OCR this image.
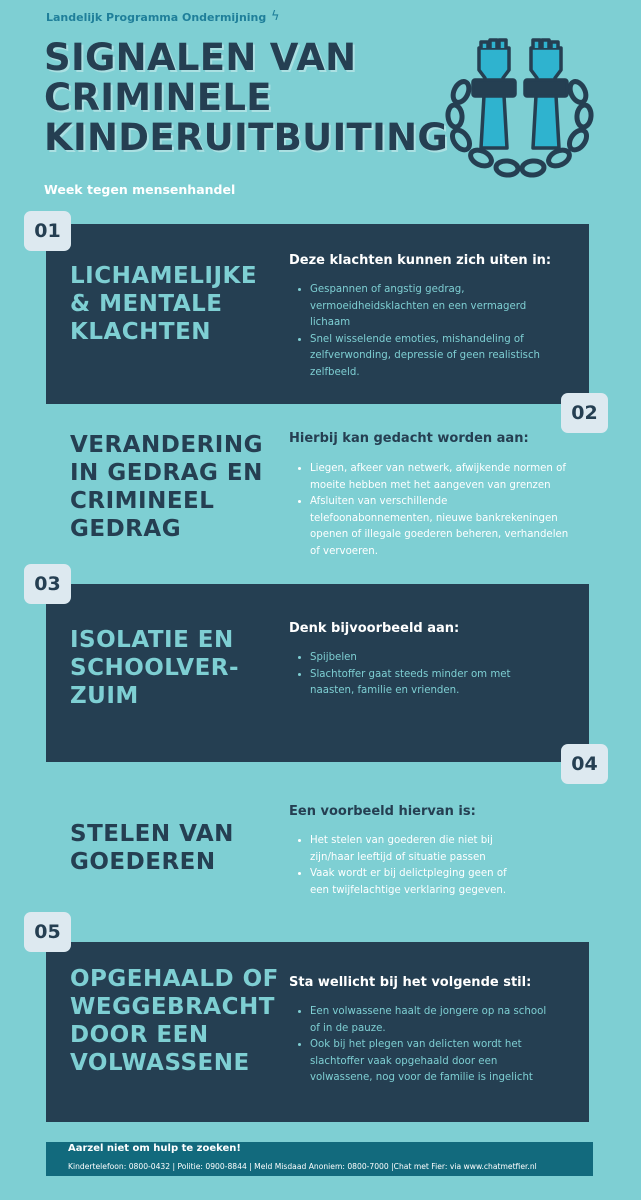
Landelijk Programma Ondermijning ϟ
SIGNALEN VAN
CRIMINELE
KINDERUITBUITING
Week tegen mensenhandel
LICHAMELIJKE
& MENTALE
KLACHTEN
Deze klachten kunnen zich uiten in:
• Gespannen of angstig gedrag,
vermoeidheidsklachten en een vermagerd
lichaam
• Snel wisselende emoties, mishandeling of
zelfverwonding, depressie of geen realistisch
zelfbeeld.
01
VERANDERING
IN GEDRAG EN
CRIMINEEL
GEDRAG
Hierbij kan gedacht worden aan:
• Liegen, afkeer van netwerk, afwijkende normen of
moeite hebben met het aangeven van grenzen
• Afsluiten van verschillende
telefoonabonnementen, nieuwe bankrekeningen
openen of illegale goederen beheren, verhandelen
of vervoeren.
02
ISOLATIE EN
SCHOOLVER-
ZUIM
Denk bijvoorbeeld aan:
• Spijbelen
• Slachtoffer gaat steeds minder om met
naasten, familie en vrienden.
03
STELEN VAN
GOEDEREN
Een voorbeeld hiervan is:
• Het stelen van goederen die niet bij
zijn/haar leeftijd of situatie passen
• Vaak wordt er bij delictpleging geen of
een twijfelachtige verklaring gegeven.
04
OPGEHAALD OF
WEGGEBRACHT
DOOR EEN
VOLWASSENE
Sta wellicht bij het volgende stil:
• Een volwassene haalt de jongere op na school
of in de pauze.
• Ook bij het plegen van delicten wordt het
slachtoffer vaak opgehaald door een
volwassene, nog voor de familie is ingelicht
05
Aarzel niet om hulp te zoeken!
Kindertelefoon: 0800-0432 | Politie: 0900-8844 | Meld Misdaad Anoniem: 0800-7000 |Chat met Fier: via www.chatmetfier.nl
